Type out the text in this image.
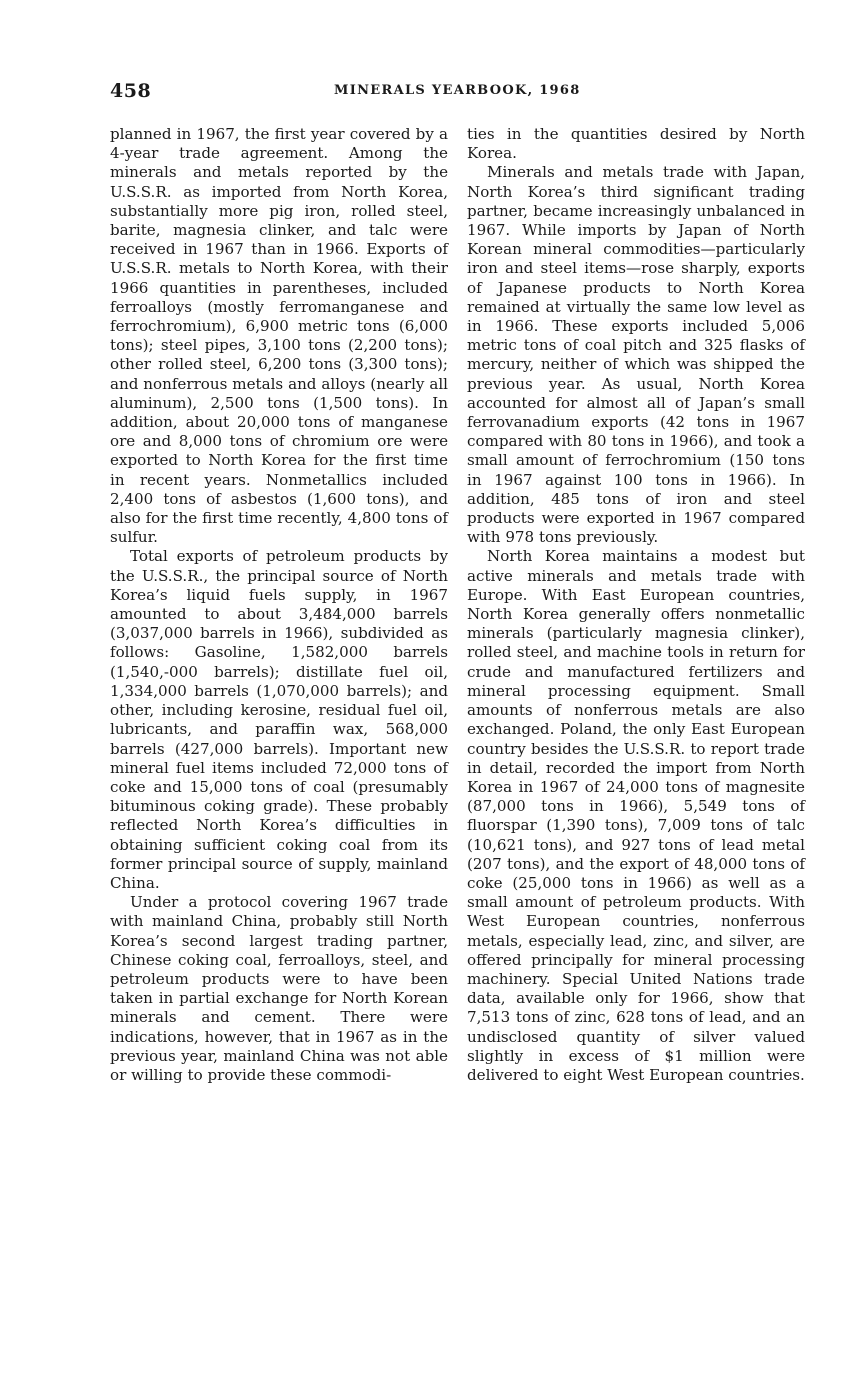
458	MINERALS YEARBOOK, 1968

planned in 1967, the first year covered by a 4-year trade agreement. Among the minerals and metals reported by the U.S.S.R. as imported from North Korea, substantially more pig iron, rolled steel, barite, magnesia clinker, and talc were received in 1967 than in 1966. Exports of U.S.S.R. metals to North Korea, with their 1966 quantities in parentheses, included ferroalloys (mostly ferromanganese and ferrochromium), 6,900 metric tons (6,000 tons); steel pipes, 3,100 tons (2,200 tons); other rolled steel, 6,200 tons (3,300 tons); and nonferrous metals and alloys (nearly all aluminum), 2,500 tons (1,500 tons). In addition, about 20,000 tons of manganese ore and 8,000 tons of chromium ore were exported to North Korea for the first time in recent years. Nonmetallics included 2,400 tons of asbestos (1,600 tons), and also for the first time recently, 4,800 tons of sulfur.

Total exports of petroleum products by the U.S.S.R., the principal source of North Korea’s liquid fuels supply, in 1967 amounted to about 3,484,000 barrels (3,037,000 barrels in 1966), subdivided as follows: Gasoline, 1,582,000 barrels (1,540,-000 barrels); distillate fuel oil, 1,334,000 barrels (1,070,000 barrels); and other, including kerosine, residual fuel oil, lubricants, and paraffin wax, 568,000 barrels (427,000 barrels). Important new mineral fuel items included 72,000 tons of coke and 15,000 tons of coal (presumably bituminous coking grade). These probably reflected North Korea’s difficulties in obtaining sufficient coking coal from its former principal source of supply, mainland China.

Under a protocol covering 1967 trade with mainland China, probably still North Korea’s second largest trading partner, Chinese coking coal, ferroalloys, steel, and petroleum products were to have been taken in partial exchange for North Korean minerals and cement. There were indications, however, that in 1967 as in the previous year, mainland China was not able or willing to provide these commodi-

ties in the quantities desired by North Korea.

Minerals and metals trade with Japan, North Korea’s third significant trading partner, became increasingly unbalanced in 1967. While imports by Japan of North Korean mineral commodities—particularly iron and steel items—rose sharply, exports of Japanese products to North Korea remained at virtually the same low level as in 1966. These exports included 5,006 metric tons of coal pitch and 325 flasks of mercury, neither of which was shipped the previous year. As usual, North Korea accounted for almost all of Japan’s small ferrovanadium exports (42 tons in 1967 compared with 80 tons in 1966), and took a small amount of ferrochromium (150 tons in 1967 against 100 tons in 1966). In addition, 485 tons of iron and steel products were exported in 1967 compared with 978 tons previously.

North Korea maintains a modest but active minerals and metals trade with Europe. With East European countries, North Korea generally offers nonmetallic minerals (particularly magnesia clinker), rolled steel, and machine tools in return for crude and manufactured fertilizers and mineral processing equipment. Small amounts of nonferrous metals are also exchanged. Poland, the only East European country besides the U.S.S.R. to report trade in detail, recorded the import from North Korea in 1967 of 24,000 tons of magnesite (87,000 tons in 1966), 5,549 tons of fluorspar (1,390 tons), 7,009 tons of talc (10,621 tons), and 927 tons of lead metal (207 tons), and the export of 48,000 tons of coke (25,000 tons in 1966) as well as a small amount of petroleum products. With West European countries, nonferrous metals, especially lead, zinc, and silver, are offered principally for mineral processing machinery. Special United Nations trade data, available only for 1966, show that 7,513 tons of zinc, 628 tons of lead, and an undisclosed quantity of silver valued slightly in excess of $1 million were delivered to eight West European countries.
